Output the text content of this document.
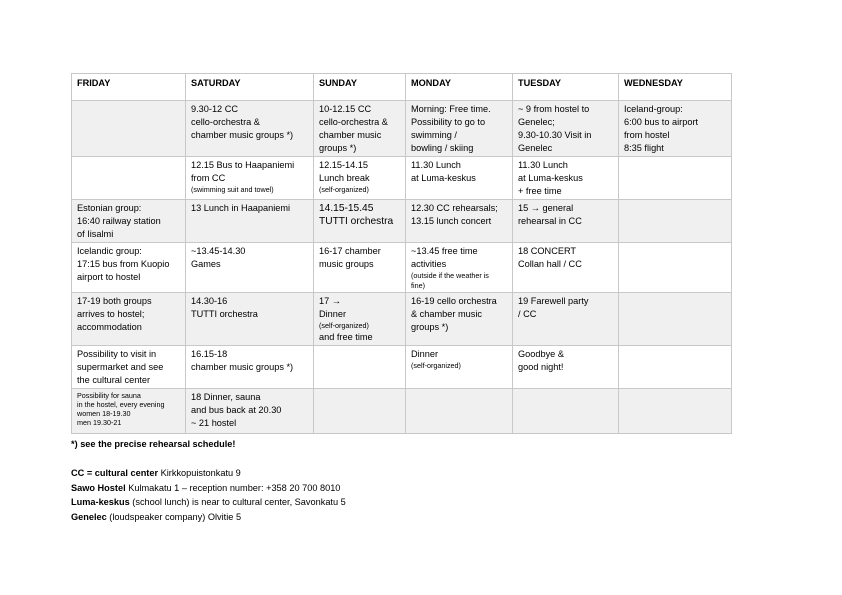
FRIDAY	SATURDAY	SUNDAY	MONDAY	TUESDAY	WEDNESDAY

	9.30-12 CC
cello-orchestra &
chamber music groups *)	10-12.15 CC
cello-orchestra &
chamber music
groups *)	Morning: Free time.
Possibility to go to
swimming /
bowling / skiing	~ 9 from hostel to
Genelec;
9.30-10.30 Visit in
Genelec	Iceland-group:
6:00 bus to airport
from hostel
8:35 flight

	12.15 Bus to Haapaniemi
from CC
(swimming suit and towel)	12.15-14.15
Lunch break
(self-organized)	11.30 Lunch
at Luma-keskus	11.30 Lunch
at Luma-keskus
+ free time	

Estonian group:
16:40 railway station
of Iisalmi	13 Lunch in Haapaniemi	14.15-15.45
TUTTI orchestra	12.30 CC rehearsals;
13.15 lunch concert	15 → general
rehearsal in CC	

Icelandic group:
17:15 bus from Kuopio
airport to hostel	~13.45-14.30
Games	16-17 chamber
music groups	~13.45 free time
activities
(outside if the weather is
fine)	18 CONCERT
Collan hall / CC	

17-19 both groups
arrives to hostel;
accommodation	14.30-16
TUTTI orchestra	17 →
Dinner
(self-organized)
and free time	16-19 cello orchestra
& chamber music
groups *)	19 Farewell party
/ CC	

Possibility to visit in
supermarket and see
the cultural center	16.15-18
chamber music groups *)		Dinner
(self-organized)	Goodbye &
good night!	

Possibility for sauna
in the hostel, every evening
women 18-19.30
men 19.30-21	18 Dinner, sauna
and bus back at 20.30
~ 21 hostel				

*) see the precise rehearsal schedule!
CC = cultural center Kirkkopuistonkatu 9
Sawo Hostel Kulmakatu 1 – reception number: +358 20 700 8010
Luma-keskus (school lunch) is near to cultural center, Savonkatu 5
Genelec (loudspeaker company) Olvitie 5
